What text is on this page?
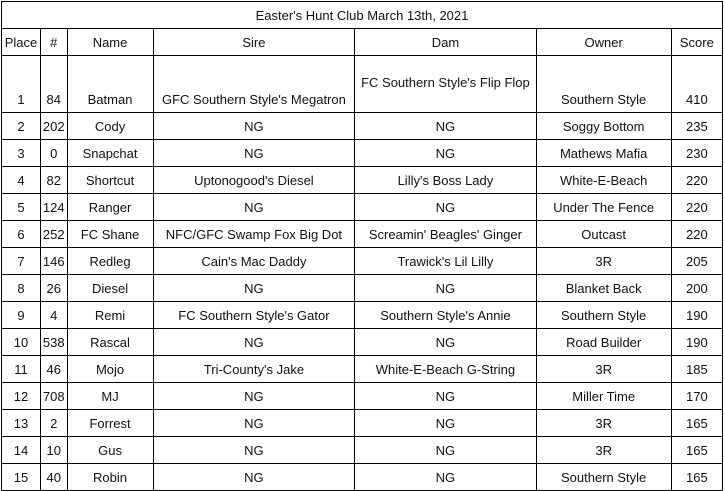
Easter's Hunt Club March 13th, 2021						
Place	#	Name	Sire	Dam	Owner	Score
1	84	Batman	GFC Southern Style's Megatron	FC Southern Style's Flip Flop	Southern Style	410
2	202	Cody	NG	NG	Soggy Bottom	235
3	0	Snapchat	NG	NG	Mathews Mafia	230
4	82	Shortcut	Uptonogood's Diesel	Lilly's Boss Lady	White-E-Beach	220
5	124	Ranger	NG	NG	Under The Fence	220
6	252	FC Shane	NFC/GFC Swamp Fox Big Dot	Screamin' Beagles' Ginger	Outcast	220
7	146	Redleg	Cain's Mac Daddy	Trawick's Lil Lilly	3R	205
8	26	Diesel	NG	NG	Blanket Back	200
9	4	Remi	FC Southern Style's Gator	Southern Style's Annie	Southern Style	190
10	538	Rascal	NG	NG	Road Builder	190
11	46	Mojo	Tri-County's Jake	White-E-Beach G-String	3R	185
12	708	MJ	NG	NG	Miller Time	170
13	2	Forrest	NG	NG	3R	165
14	10	Gus	NG	NG	3R	165
15	40	Robin	NG	NG	Southern Style	165
